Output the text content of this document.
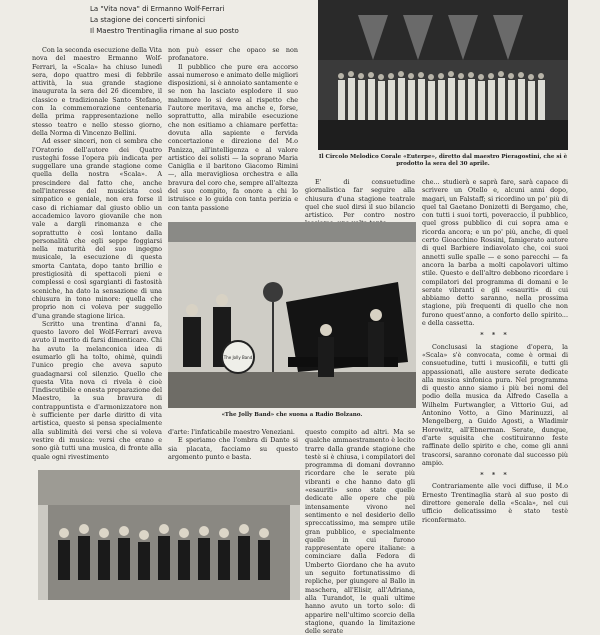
La "Vita nova" di Ermanno Wolf-Ferrari
La stagione dei concerti sinfonici
Il Maestro Trentinaglia rimane al suo posto

Con la seconda esecuzione della Vita nova del maestro Ermanno Wolf-Ferrari, la «Scala» ha chiuso lunedì sera, dopo quattro mesi di febbrile attività, la sua grande stagione inaugurata la sera del 26 dicembre, il classico e tradizionale Santo Stefano, con la commemorazione centenaria della prima rappresentazione nello stesso teatro e nello stesso giorno, della Norma di Vincenzo Bellini.

Ad esser sinceri, non ci sembra che l'Oratorio dell'autore dei Quatro rusteghi fosse l'opera più indicata per suggellare una grande stagione come quella della nostra «Scala». A prescindere dal fatto che, anche nell'interesse del musicista così simpatico e geniale, non era forse il caso di richiamar dal giusto oblio un accademico lavoro giovanile che non vale a dargli rinomanza e che soprattutto è così lontano dalla personalità che egli seppe foggiarsi nella maturità del suo ingegno musicale, la esecuzione di questa smorta Cantata, dopo tanto brillio e prestigiosità di spettacoli pieni e complessi e così sgargianti di fastosità sceniche, ha dato la sensazione di una chiusura in tono minore: quella che proprio non ci voleva per suggello d'una grande stagione lirica.

Scritto una trentina d'anni fa, questo lavoro del Wolf-Ferrari aveva avuto il merito di farsi dimenticare. Chi ha avuto la melanconica idea di esumarlo gli ha tolto, ohimè, quindi l'unico pregio che aveva saputo guadagnarsi col silenzio. Quello che questa Vita nova ci rivela è cioè l'indiscutibile e onesta preparazione del Maestro, la sua bravura di contrappuntista e d'armonizzatore non è sufficiente per darle diritto di vita artistica, questo si pensa specialmente alla sublimità dei versi che si voleva vestire di musica: versi che erano e sono già tutti una musica, di fronte alla quale ogni rivestimento

non può esser che opaco se non profanatore.

Il pubblico che pure era accorso assai numeroso e animato delle migliori disposizioni, si è annoiato santamente e se non ha lasciato esplodere il suo malumore lo si deve al rispetto che l'autore meritava, ma anche e, forse, soprattutto, alla mirabile esecuzione che non esitiamo a chiamare perfetta: dovuta alla sapiente e fervida concertazione e direzione del M.o Panizza, all'intelligenza e al valore artistico dei solisti — la soprano Maria Caniglia e il baritono Giacomo Rimini —, alla meravigliosa orchestra e alla bravura del coro che, sempre all'altezza del suo compito, fa onore a chi lo istruisce e lo guida con tanta perizia e con tanta passione

Il Circolo Melodico Corale «Euterpe», diretto dal maestro Pieragostini, che si è prodotto la sera del 30 aprile.

E' di consuetudine giornalistica far seguire alla chiusura d'una stagione teatrale quel che suol dirsi il suo bilancio artistico. Per contro nostro

The Jolly Band
«The Jolly Band» che suona a Radio Bolzano.

d'arte: l'infaticabile maestro Veneziani.

E speriamo che l'ombra di Dante si sia placata, facciamo su questo argomento punto e basta.

questo compito ad altri. Ma se qualche ammaestramento è lecito trarre dalla grande stagione che testè si è chiusa, i compilatori del programma di domani dovranno ricordare che le serate più vibranti e che hanno dato gli «esauriti» sono state quelle dedicate alle opere che più intensamente vivono nel sentimento e nel desiderio dello spreccatissimo, ma sempre utile gran pubblico, e specialmente quelle in cui furono rappresentate opere italiane: a cominciare dalla Fedora di Umberto Giordano che ha avuto un seguito fortunatissimo di repliche, per giungere al Ballo in maschera, all'Elisir, all'Adriana, alla Turandot, le quali ultime hanno avuto un torto solo: di apparire nell'ultimo scorcio della stagione, quando la limitazione delle serate

che... studierà e saprà fare, sarà capace di scrivere un Otello e, alcuni anni dopo, magari, un Falstaff; si ricordino un po' più di quel tal Gaetano Donizetti di Bergamo, che, con tutti i suoi torti, poveraccio, il pubblico, quel gross pubblico di cui sopra ama e ricorda ancora; e un po' più, anche, di quel certo Gioacchino Rossini, famigerato autore di quel Barbiere indiavolato che, coi suoi annetti sulle spalle — e sono parecchi — fa ancora la barba a molti capolavori ultimo stile. Questo e dell'altro debbono ricordare i compilatori del programma di domani e le serate vibranti e gli «esauriti» di cui abbiamo detto saranno, nella prossima stagione, più frequenti di quello che non furono quest'anno, a conforto dello spirito... e della cassetta.

* * *

Conclusasi la stagione d'opera, la «Scala» s'è convocata, come è ormai di consuetudine, tutti i musicofili, e tutti gli appassionati, alle austere serate dedicate alla musica sinfonica pura. Nel programma di questo anno siamo i più bei nomi del podio della musica da Alfredo Casella a Wilhelm Furtwangler, a Vittorio Gui, ad Antonino Votto, a Gino Marinuzzi, al Mengelberg, a Guido Agosti, a Wladimir Horowitz, all'Ebnerman. Serate, dunque, d'arte squisita che costituiranno feste raffinate dello spirito e che, come gli anni trascorsi, saranno coronate dal successo più ampio.

* * *

Contrariamente alle voci diffuse, il M.o Ernesto Trentinaglia starà al suo posto di direttore generale della «Scala», nel cui ufficio delicatissimo è stato testè riconfermato.
